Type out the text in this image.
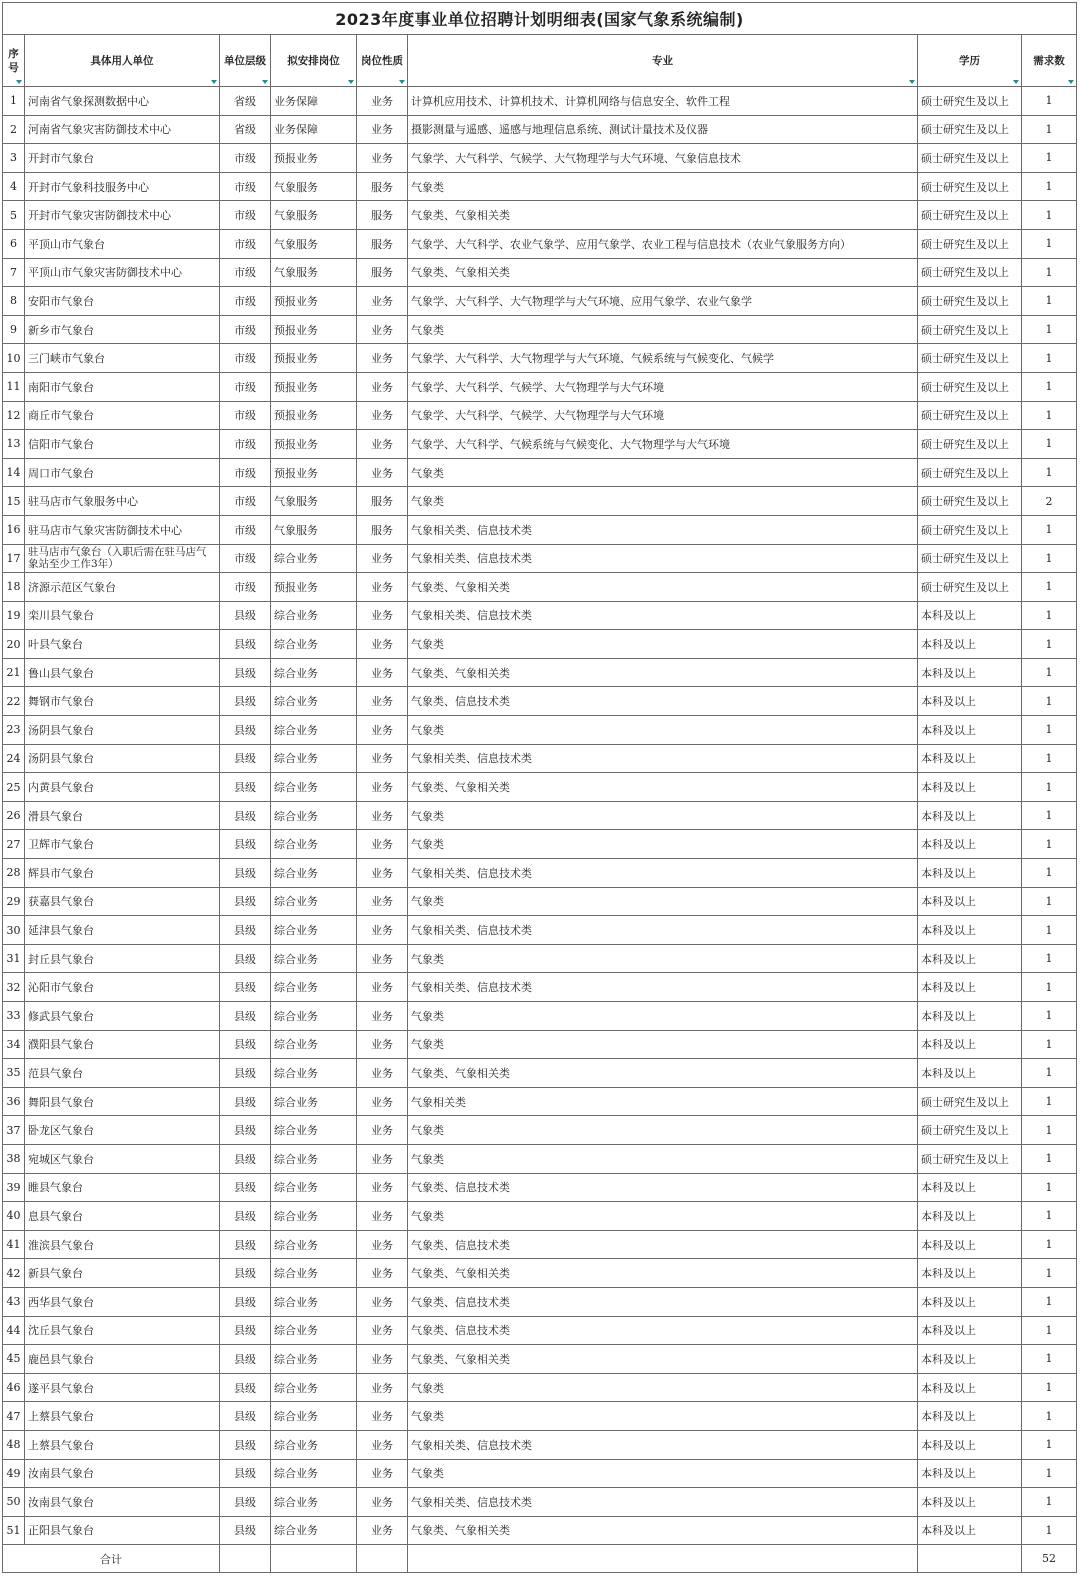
2023年度事业单位招聘计划明细表(国家气象系统编制)							
序号	具体用人单位	单位层级	拟安排岗位	岗位性质	专业	学历	需求数

1	河南省气象探测数据中心	省级	业务保障	业务	计算机应用技术、计算机技术、计算机网络与信息安全、软件工程	硕士研究生及以上	1
2	河南省气象灾害防御技术中心	省级	业务保障	业务	摄影测量与遥感、遥感与地理信息系统、测试计量技术及仪器	硕士研究生及以上	1
3	开封市气象台	市级	预报业务	业务	气象学、大气科学、气候学、大气物理学与大气环境、气象信息技术	硕士研究生及以上	1
4	开封市气象科技服务中心	市级	气象服务	服务	气象类	硕士研究生及以上	1
5	开封市气象灾害防御技术中心	市级	气象服务	服务	气象类、气象相关类	硕士研究生及以上	1
6	平顶山市气象台	市级	气象服务	服务	气象学、大气科学、农业气象学、应用气象学、农业工程与信息技术（农业气象服务方向）	硕士研究生及以上	1
7	平顶山市气象灾害防御技术中心	市级	气象服务	服务	气象类、气象相关类	硕士研究生及以上	1
8	安阳市气象台	市级	预报业务	业务	气象学、大气科学、大气物理学与大气环境、应用气象学、农业气象学	硕士研究生及以上	1
9	新乡市气象台	市级	预报业务	业务	气象类	硕士研究生及以上	1
10	三门峡市气象台	市级	预报业务	业务	气象学、大气科学、大气物理学与大气环境、气候系统与气候变化、气候学	硕士研究生及以上	1
11	南阳市气象台	市级	预报业务	业务	气象学、大气科学、气候学、大气物理学与大气环境	硕士研究生及以上	1
12	商丘市气象台	市级	预报业务	业务	气象学、大气科学、气候学、大气物理学与大气环境	硕士研究生及以上	1
13	信阳市气象台	市级	预报业务	业务	气象学、大气科学、气候系统与气候变化、大气物理学与大气环境	硕士研究生及以上	1
14	周口市气象台	市级	预报业务	业务	气象类	硕士研究生及以上	1
15	驻马店市气象服务中心	市级	气象服务	服务	气象类	硕士研究生及以上	2
16	驻马店市气象灾害防御技术中心	市级	气象服务	服务	气象相关类、信息技术类	硕士研究生及以上	1
17	驻马店市气象台（入职后需在驻马店气象站至少工作3年）	市级	综合业务	业务	气象相关类、信息技术类	硕士研究生及以上	1
18	济源示范区气象台	市级	预报业务	业务	气象类、气象相关类	硕士研究生及以上	1
19	栾川县气象台	县级	综合业务	业务	气象相关类、信息技术类	本科及以上	1
20	叶县气象台	县级	综合业务	业务	气象类	本科及以上	1
21	鲁山县气象台	县级	综合业务	业务	气象类、气象相关类	本科及以上	1
22	舞钢市气象台	县级	综合业务	业务	气象类、信息技术类	本科及以上	1
23	汤阴县气象台	县级	综合业务	业务	气象类	本科及以上	1
24	汤阴县气象台	县级	综合业务	业务	气象相关类、信息技术类	本科及以上	1
25	内黄县气象台	县级	综合业务	业务	气象类、气象相关类	本科及以上	1
26	滑县气象台	县级	综合业务	业务	气象类	本科及以上	1
27	卫辉市气象台	县级	综合业务	业务	气象类	本科及以上	1
28	辉县市气象台	县级	综合业务	业务	气象相关类、信息技术类	本科及以上	1
29	获嘉县气象台	县级	综合业务	业务	气象类	本科及以上	1
30	延津县气象台	县级	综合业务	业务	气象相关类、信息技术类	本科及以上	1
31	封丘县气象台	县级	综合业务	业务	气象类	本科及以上	1
32	沁阳市气象台	县级	综合业务	业务	气象相关类、信息技术类	本科及以上	1
33	修武县气象台	县级	综合业务	业务	气象类	本科及以上	1
34	濮阳县气象台	县级	综合业务	业务	气象类	本科及以上	1
35	范县气象台	县级	综合业务	业务	气象类、气象相关类	本科及以上	1
36	舞阳县气象台	县级	综合业务	业务	气象相关类	硕士研究生及以上	1
37	卧龙区气象台	县级	综合业务	业务	气象类	硕士研究生及以上	1
38	宛城区气象台	县级	综合业务	业务	气象类	硕士研究生及以上	1
39	睢县气象台	县级	综合业务	业务	气象类、信息技术类	本科及以上	1
40	息县气象台	县级	综合业务	业务	气象类	本科及以上	1
41	淮滨县气象台	县级	综合业务	业务	气象类、信息技术类	本科及以上	1
42	新县气象台	县级	综合业务	业务	气象类、气象相关类	本科及以上	1
43	西华县气象台	县级	综合业务	业务	气象类、信息技术类	本科及以上	1
44	沈丘县气象台	县级	综合业务	业务	气象类、信息技术类	本科及以上	1
45	鹿邑县气象台	县级	综合业务	业务	气象类、气象相关类	本科及以上	1
46	遂平县气象台	县级	综合业务	业务	气象类	本科及以上	1
47	上蔡县气象台	县级	综合业务	业务	气象类	本科及以上	1
48	上蔡县气象台	县级	综合业务	业务	气象相关类、信息技术类	本科及以上	1
49	汝南县气象台	县级	综合业务	业务	气象类	本科及以上	1
50	汝南县气象台	县级	综合业务	业务	气象相关类、信息技术类	本科及以上	1
51	正阳县气象台	县级	综合业务	业务	气象类、气象相关类	本科及以上	1
合计							52
